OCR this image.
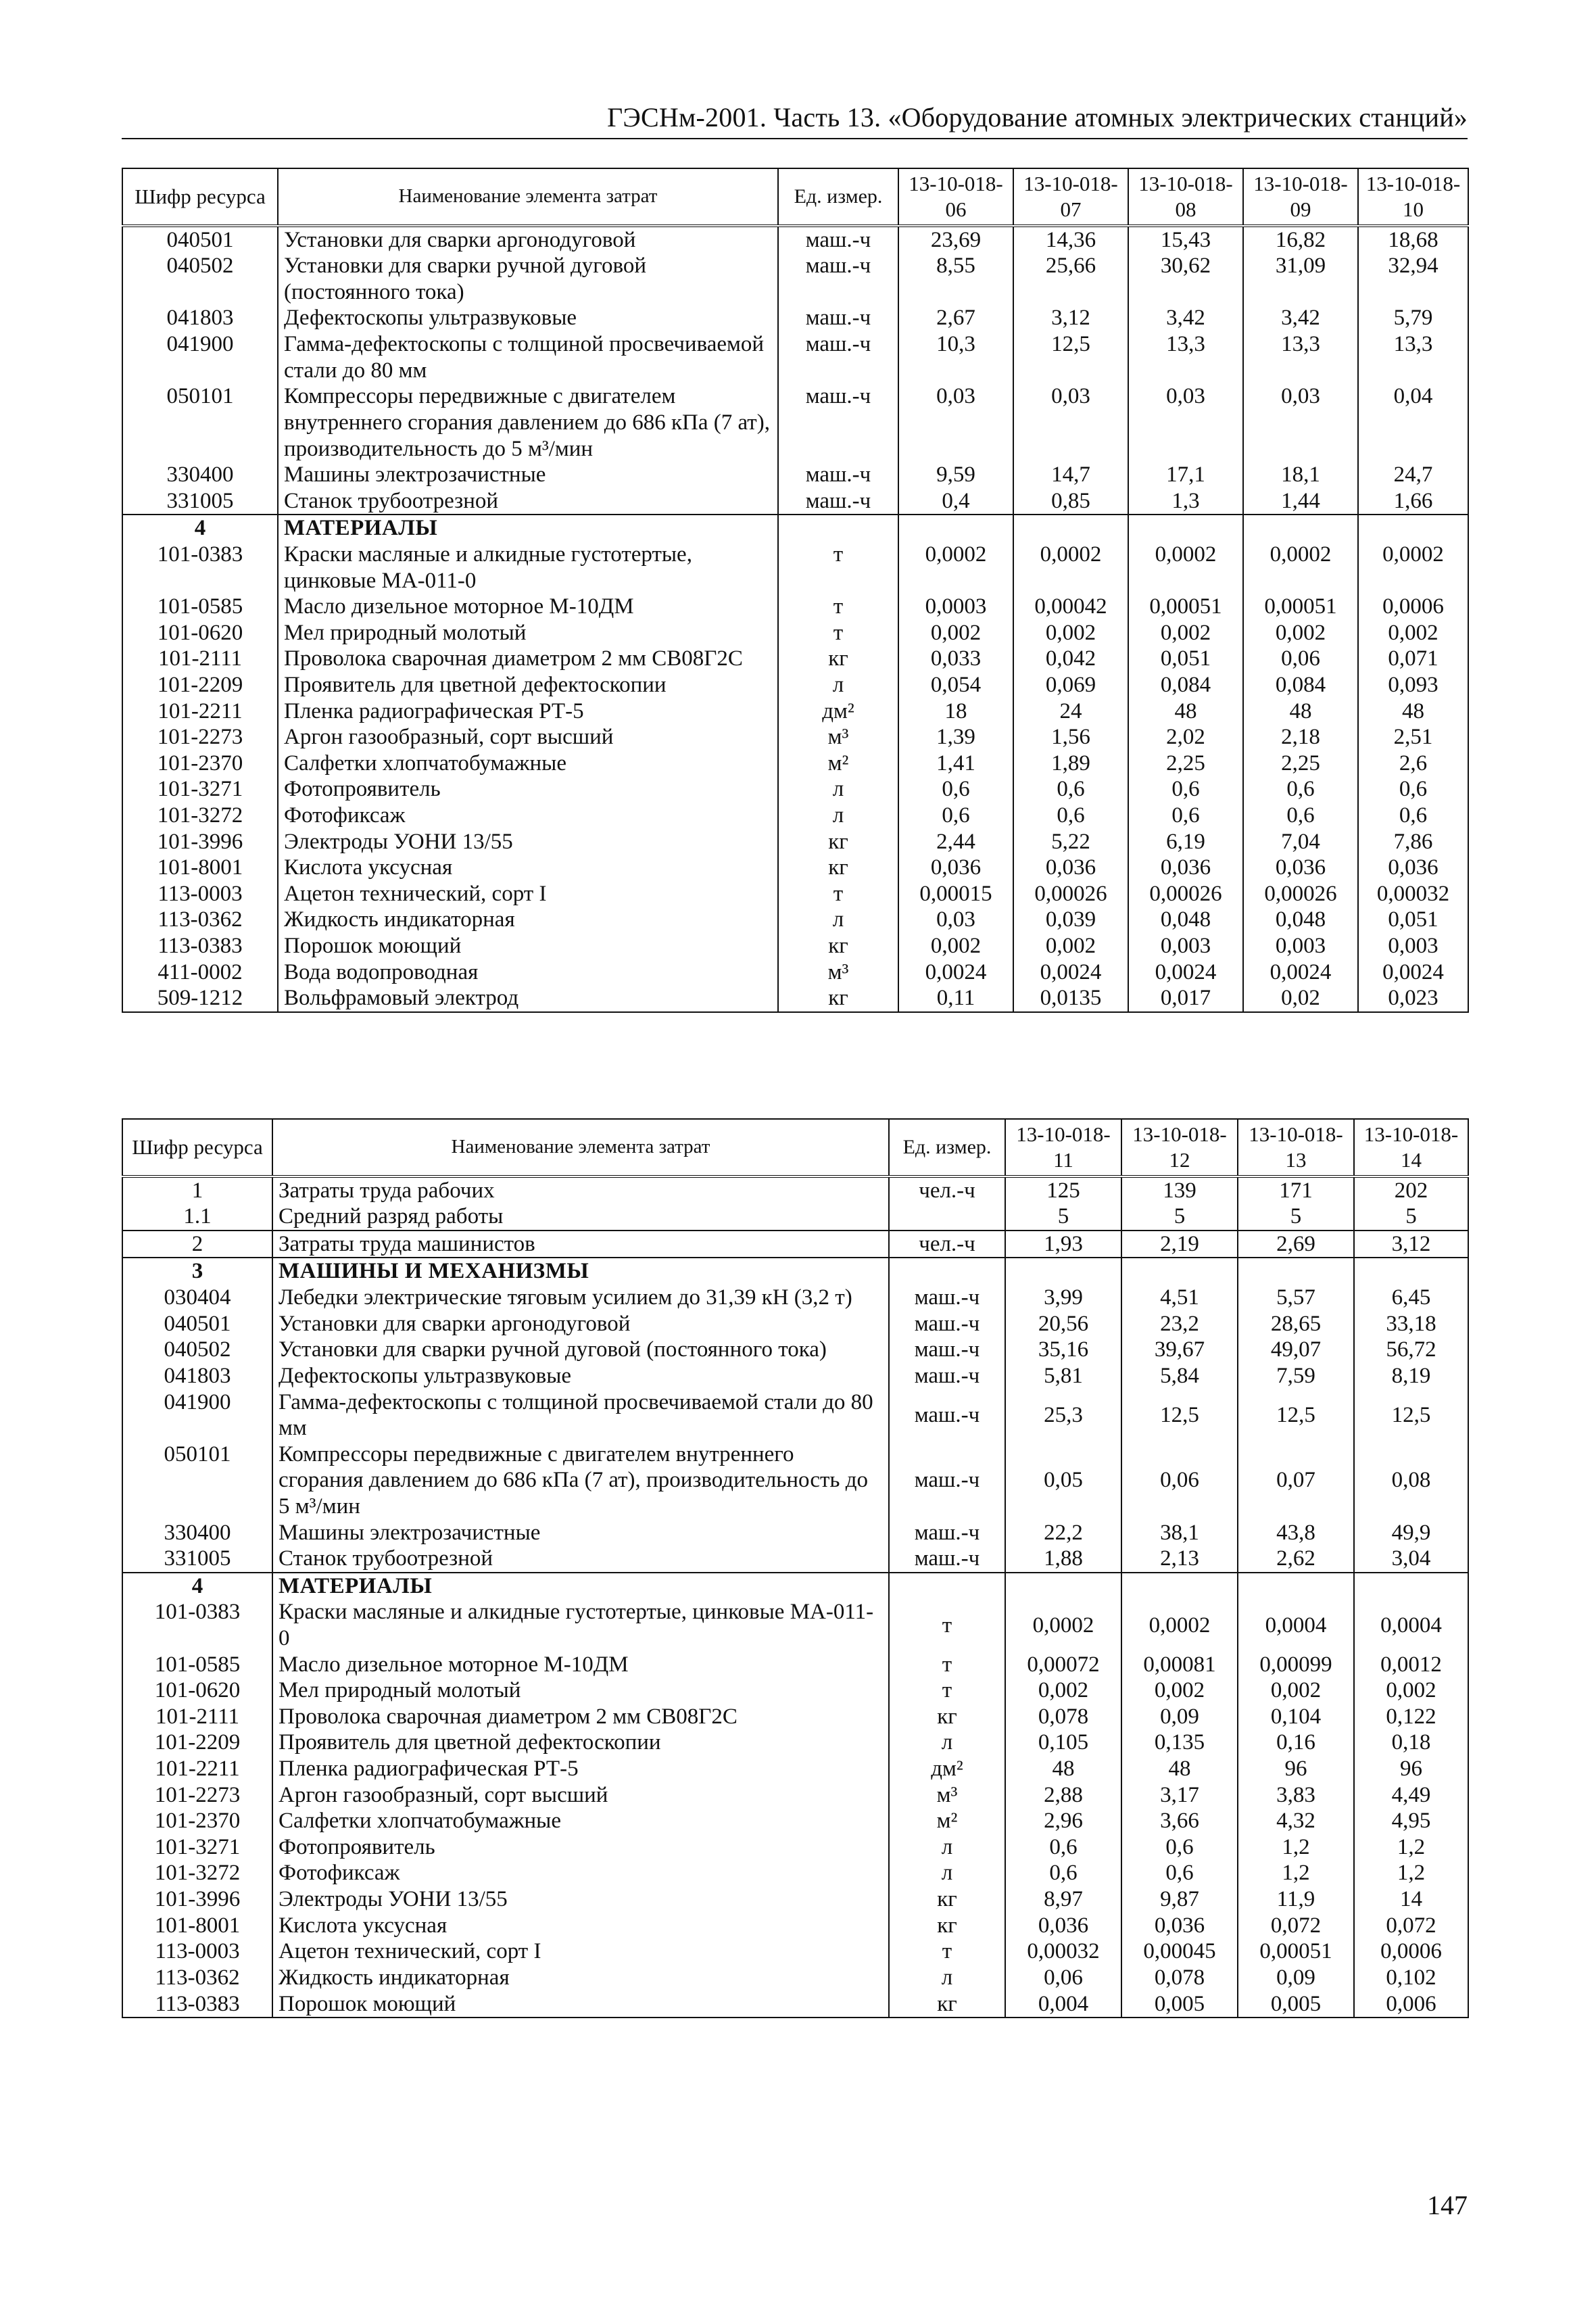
ГЭСНм-2001. Часть 13. «Оборудование атомных электрических станций»
Шифр ресурса	Наименование элемента затрат	Ед. измер.	13-10-018-06	13-10-018-07	13-10-018-08	13-10-018-09	13-10-018-10
040501	Установки для сварки аргонодуговой	маш.-ч	23,69	14,36	15,43	16,82	18,68
040502	Установки для сварки ручной дуговой (постоянного тока)	маш.-ч	8,55	25,66	30,62	31,09	32,94
041803	Дефектоскопы ультразвуковые	маш.-ч	2,67	3,12	3,42	3,42	5,79
041900	Гамма-дефектоскопы с толщиной просвечиваемой стали до 80 мм	маш.-ч	10,3	12,5	13,3	13,3	13,3
050101	Компрессоры передвижные с двигателем внутреннего сгорания давлением до 686 кПа (7 ат), производительность до 5 м³/мин	маш.-ч	0,03	0,03	0,03	0,03	0,04
330400	Машины электрозачистные	маш.-ч	9,59	14,7	17,1	18,1	24,7
331005	Станок трубоотрезной	маш.-ч	0,4	0,85	1,3	1,44	1,66
4	МАТЕРИАЛЫ						
101-0383	Краски масляные и алкидные густотертые, цинковые МА-011-0	т	0,0002	0,0002	0,0002	0,0002	0,0002
101-0585	Масло дизельное моторное М-10ДМ	т	0,0003	0,00042	0,00051	0,00051	0,0006
101-0620	Мел природный молотый	т	0,002	0,002	0,002	0,002	0,002
101-2111	Проволока сварочная диаметром 2 мм СВ08Г2С	кг	0,033	0,042	0,051	0,06	0,071
101-2209	Проявитель для цветной дефектоскопии	л	0,054	0,069	0,084	0,084	0,093
101-2211	Пленка радиографическая РТ-5	дм²	18	24	48	48	48
101-2273	Аргон газообразный, сорт высший	м³	1,39	1,56	2,02	2,18	2,51
101-2370	Салфетки хлопчатобумажные	м²	1,41	1,89	2,25	2,25	2,6
101-3271	Фотопроявитель	л	0,6	0,6	0,6	0,6	0,6
101-3272	Фотофиксаж	л	0,6	0,6	0,6	0,6	0,6
101-3996	Электроды УОНИ 13/55	кг	2,44	5,22	6,19	7,04	7,86
101-8001	Кислота уксусная	кг	0,036	0,036	0,036	0,036	0,036
113-0003	Ацетон технический, сорт I	т	0,00015	0,00026	0,00026	0,00026	0,00032
113-0362	Жидкость индикаторная	л	0,03	0,039	0,048	0,048	0,051
113-0383	Порошок моющий	кг	0,002	0,002	0,003	0,003	0,003
411-0002	Вода водопроводная	м³	0,0024	0,0024	0,0024	0,0024	0,0024
509-1212	Вольфрамовый электрод	кг	0,11	0,0135	0,017	0,02	0,023
Шифр ресурса	Наименование элемента затрат	Ед. измер.	13-10-018-11	13-10-018-12	13-10-018-13	13-10-018-14
1	Затраты труда рабочих	чел.-ч	125	139	171	202
1.1	Средний разряд работы		5	5	5	5
2	Затраты труда машинистов	чел.-ч	1,93	2,19	2,69	3,12
3	МАШИНЫ И МЕХАНИЗМЫ					
030404	Лебедки электрические тяговым усилием до 31,39 кН (3,2 т)	маш.-ч	3,99	4,51	5,57	6,45
040501	Установки для сварки аргонодуговой	маш.-ч	20,56	23,2	28,65	33,18
040502	Установки для сварки ручной дуговой (постоянного тока)	маш.-ч	35,16	39,67	49,07	56,72
041803	Дефектоскопы ультразвуковые	маш.-ч	5,81	5,84	7,59	8,19
041900	Гамма-дефектоскопы с толщиной просвечиваемой стали до 80 мм	маш.-ч	25,3	12,5	12,5	12,5
050101	Компрессоры передвижные с двигателем внутреннего сгорания давлением до 686 кПа (7 ат), производительность до 5 м³/мин	маш.-ч	0,05	0,06	0,07	0,08
330400	Машины электрозачистные	маш.-ч	22,2	38,1	43,8	49,9
331005	Станок трубоотрезной	маш.-ч	1,88	2,13	2,62	3,04
4	МАТЕРИАЛЫ					
101-0383	Краски масляные и алкидные густотертые, цинковые МА-011-0	т	0,0002	0,0002	0,0004	0,0004
101-0585	Масло дизельное моторное М-10ДМ	т	0,00072	0,00081	0,00099	0,0012
101-0620	Мел природный молотый	т	0,002	0,002	0,002	0,002
101-2111	Проволока сварочная диаметром 2 мм СВ08Г2С	кг	0,078	0,09	0,104	0,122
101-2209	Проявитель для цветной дефектоскопии	л	0,105	0,135	0,16	0,18
101-2211	Пленка радиографическая РТ-5	дм²	48	48	96	96
101-2273	Аргон газообразный, сорт высший	м³	2,88	3,17	3,83	4,49
101-2370	Салфетки хлопчатобумажные	м²	2,96	3,66	4,32	4,95
101-3271	Фотопроявитель	л	0,6	0,6	1,2	1,2
101-3272	Фотофиксаж	л	0,6	0,6	1,2	1,2
101-3996	Электроды УОНИ 13/55	кг	8,97	9,87	11,9	14
101-8001	Кислота уксусная	кг	0,036	0,036	0,072	0,072
113-0003	Ацетон технический, сорт I	т	0,00032	0,00045	0,00051	0,0006
113-0362	Жидкость индикаторная	л	0,06	0,078	0,09	0,102
113-0383	Порошок моющий	кг	0,004	0,005	0,005	0,006
147
